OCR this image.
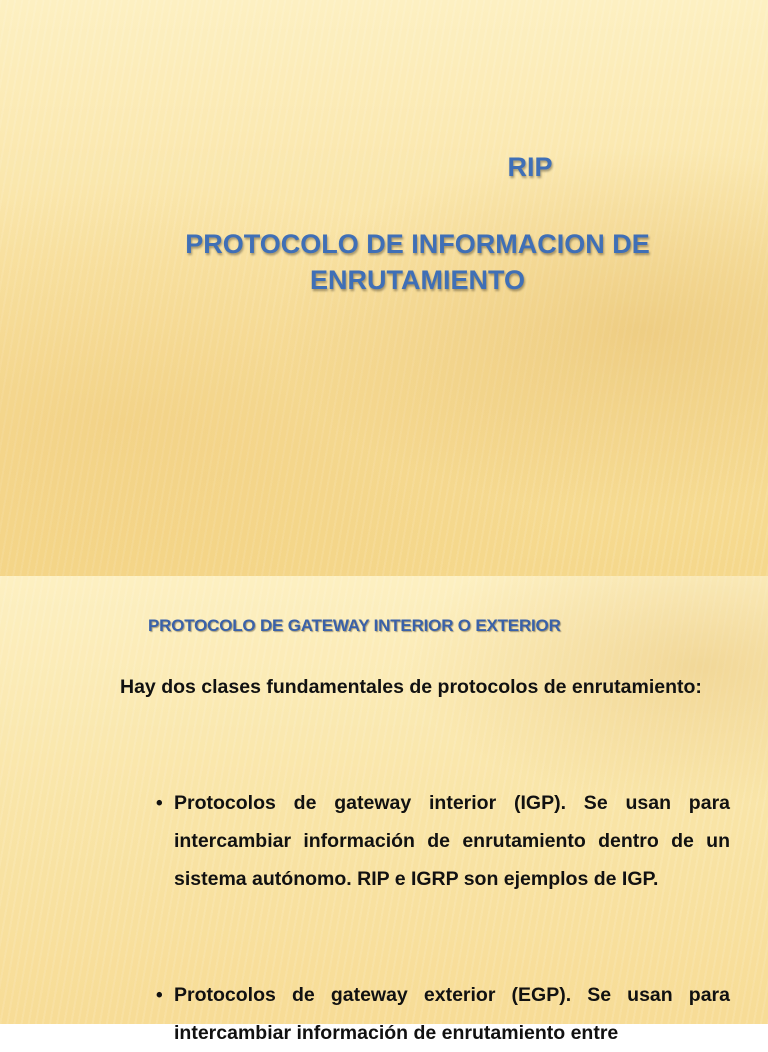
RIP
PROTOCOLO DE INFORMACION DE ENRUTAMIENTO
PROTOCOLO DE GATEWAY INTERIOR O EXTERIOR
Hay dos clases fundamentales de protocolos de enrutamiento:
• Protocolos de gateway interior (IGP). Se usan para intercambiar información de enrutamiento dentro de un sistema autónomo. RIP e IGRP son ejemplos de IGP.
• Protocolos de gateway exterior (EGP). Se usan para intercambiar información de enrutamiento entre
